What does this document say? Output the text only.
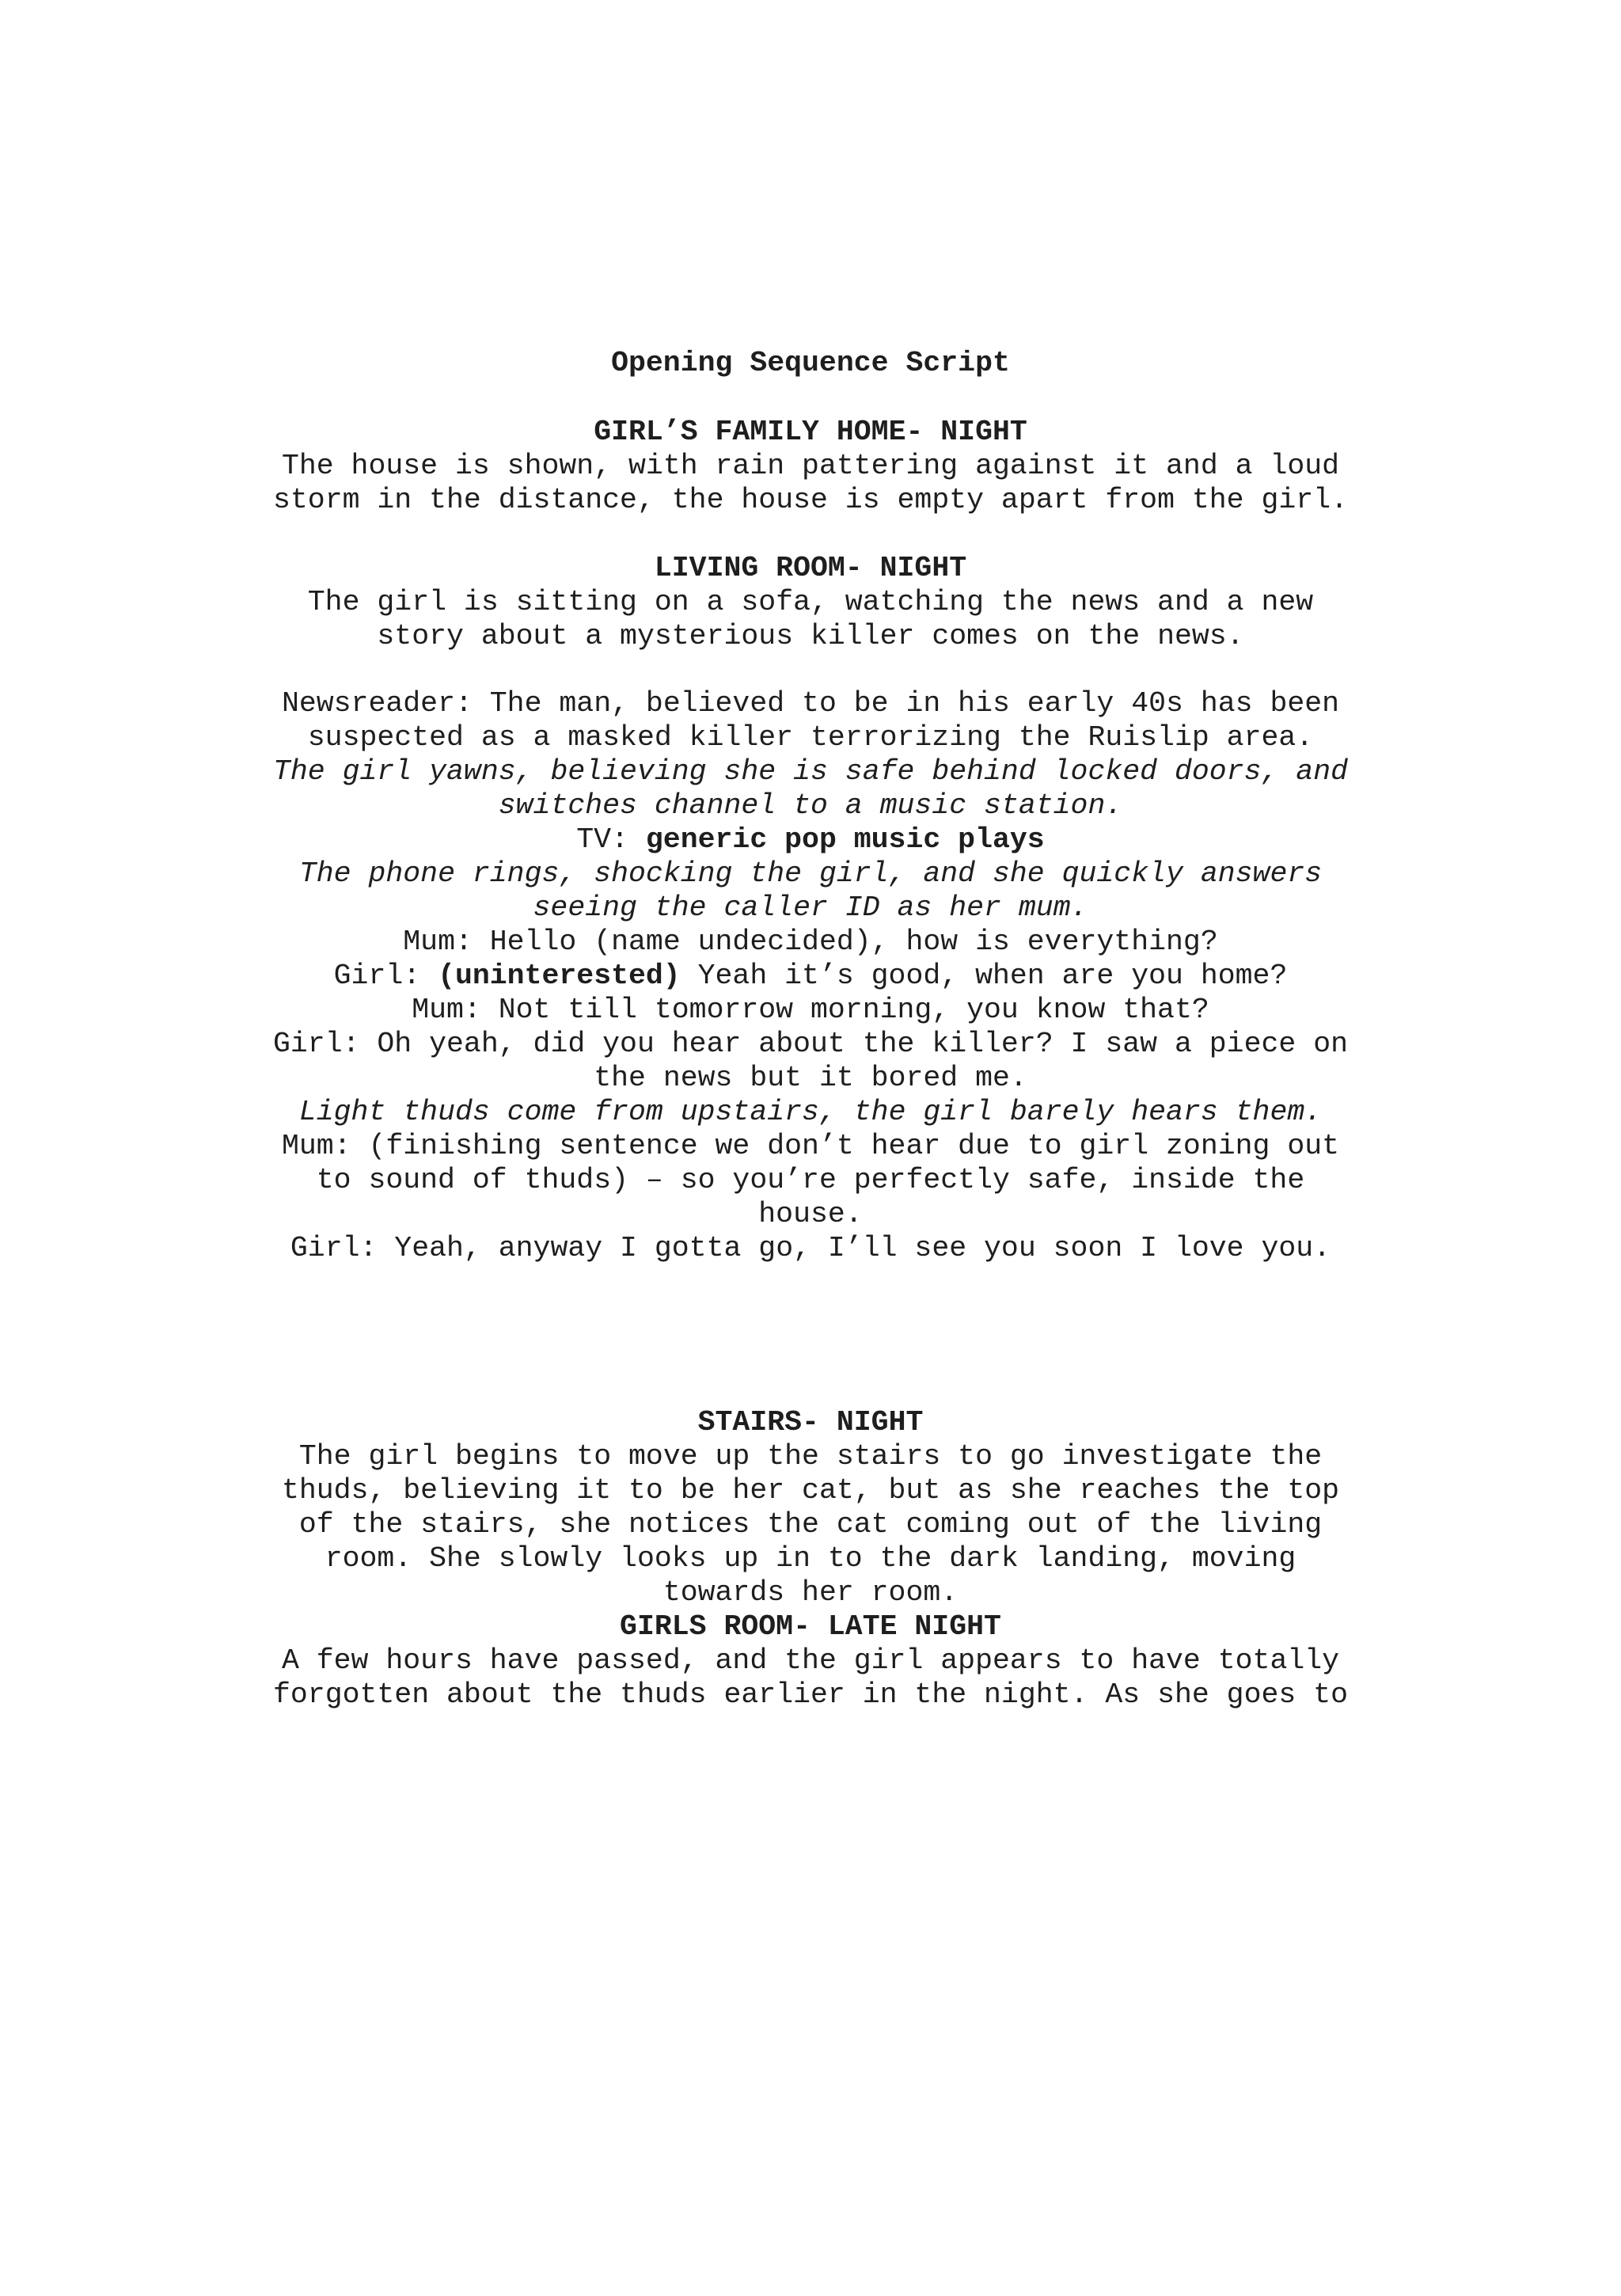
Opening Sequence Script
GIRL’S FAMILY HOME- NIGHT
The house is shown, with rain pattering against it and a loud
storm in the distance, the house is empty apart from the girl.
LIVING ROOM- NIGHT
The girl is sitting on a sofa, watching the news and a new
story about a mysterious killer comes on the news.
Newsreader: The man, believed to be in his early 40s has been
suspected as a masked killer terrorizing the Ruislip area.
The girl yawns, believing she is safe behind locked doors, and
switches channel to a music station.
TV: generic pop music plays
The phone rings, shocking the girl, and she quickly answers
seeing the caller ID as her mum.
Mum: Hello (name undecided), how is everything?
Girl: (uninterested) Yeah it’s good, when are you home?
Mum: Not till tomorrow morning, you know that?
Girl: Oh yeah, did you hear about the killer? I saw a piece on
the news but it bored me.
Light thuds come from upstairs, the girl barely hears them.
Mum: (finishing sentence we don’t hear due to girl zoning out
to sound of thuds) – so you’re perfectly safe, inside the
house.
Girl: Yeah, anyway I gotta go, I’ll see you soon I love you.
STAIRS- NIGHT
The girl begins to move up the stairs to go investigate the
thuds, believing it to be her cat, but as she reaches the top
of the stairs, she notices the cat coming out of the living
room. She slowly looks up in to the dark landing, moving
towards her room.
GIRLS ROOM- LATE NIGHT
A few hours have passed, and the girl appears to have totally
forgotten about the thuds earlier in the night. As she goes to
